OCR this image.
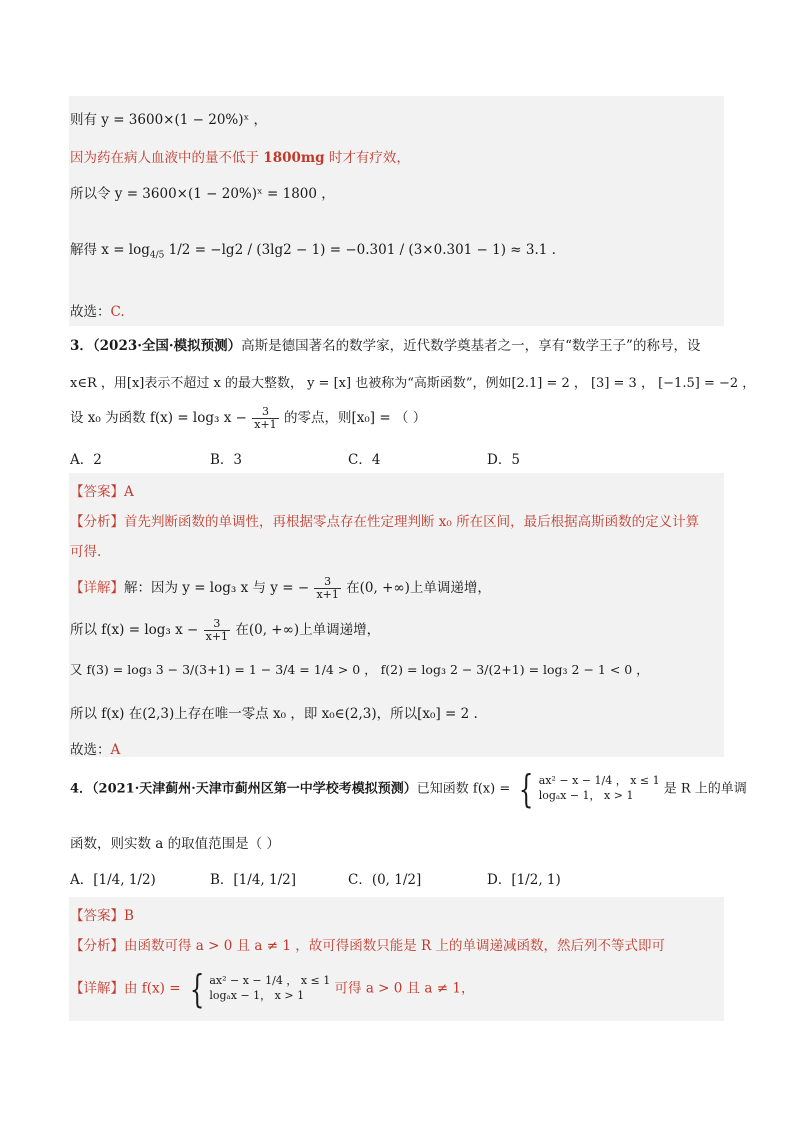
则有 y = 3600×(1 − 20%)ˣ ，
因为药在病人血液中的量不低于 1800mg 时才有疗效，
所以令 y = 3600×(1 − 20%)ˣ = 1800 ，
解得 $x = \log_{4/5} 1/2 = -\lg 2 / (3\lg 2 - 1) = -0.301 / (3\times 0.301 - 1) \approx 3.1$ .
故选：C.
3．（2023·全国·模拟预测）高斯是德国著名的数学家，近代数学奠基者之一，享有“数学王子”的称号，设
x∈R ，用[x]表示不超过 x 的最大整数， y = [x] 也被称为“高斯函数”，例如[2.1] = 2 ， [3] = 3 ， [−1.5] = −2 ，
设 x₀ 为函数 f(x) = log₃ $x - \frac{3}{x+1}$ 的零点，则[x₀] = （ ）
A．2	B．3	C．4	D．5
【答案】A
【分析】首先判断函数的单调性，再根据零点存在性定理判断 x₀ 所在区间，最后根据高斯函数的定义计算
可得.
【详解】解：因为 y = log₃ x 与 y = − $\frac{3}{x+1}$ 在(0, +∞)上单调递增，
所以 f(x) = log₃ $x - \frac{3}{x+1}$ 在(0, +∞)上单调递增，
又 f(3) = log₃ 3 − 3/(3+1) = 1 − 3/4 = 1/4 > 0 ， f(2) = log₃ 2 − 3/(2+1) = log₃ 2 − 1 < 0 ，
所以 f(x) 在(2,3)上存在唯一零点 x₀ ，即 x₀∈(2,3)，所以[x₀] = 2 .
故选：A
4．（2021·天津蓟州·天津市蓟州区第一中学校考模拟预测）已知函数 f(x) = { ax² − x − 1/4 ， x ≤ 1
logₐx − 1， x > 1	是 R 上的单调
函数，则实数 a 的取值范围是（ ）
A．[1/4, 1/2)	B．[1/4, 1/2]	C．(0, 1/2]	D．[1/2, 1)
【答案】B
【分析】由函数可得 a > 0 且 a ≠ 1 ，故可得函数只能是 R 上的单调递减函数，然后列不等式即可
【详解】由 f(x) = { ax² − x − 1/4 ， x ≤ 1
logₐx − 1， x > 1	可得 a > 0 且 a ≠ 1，
